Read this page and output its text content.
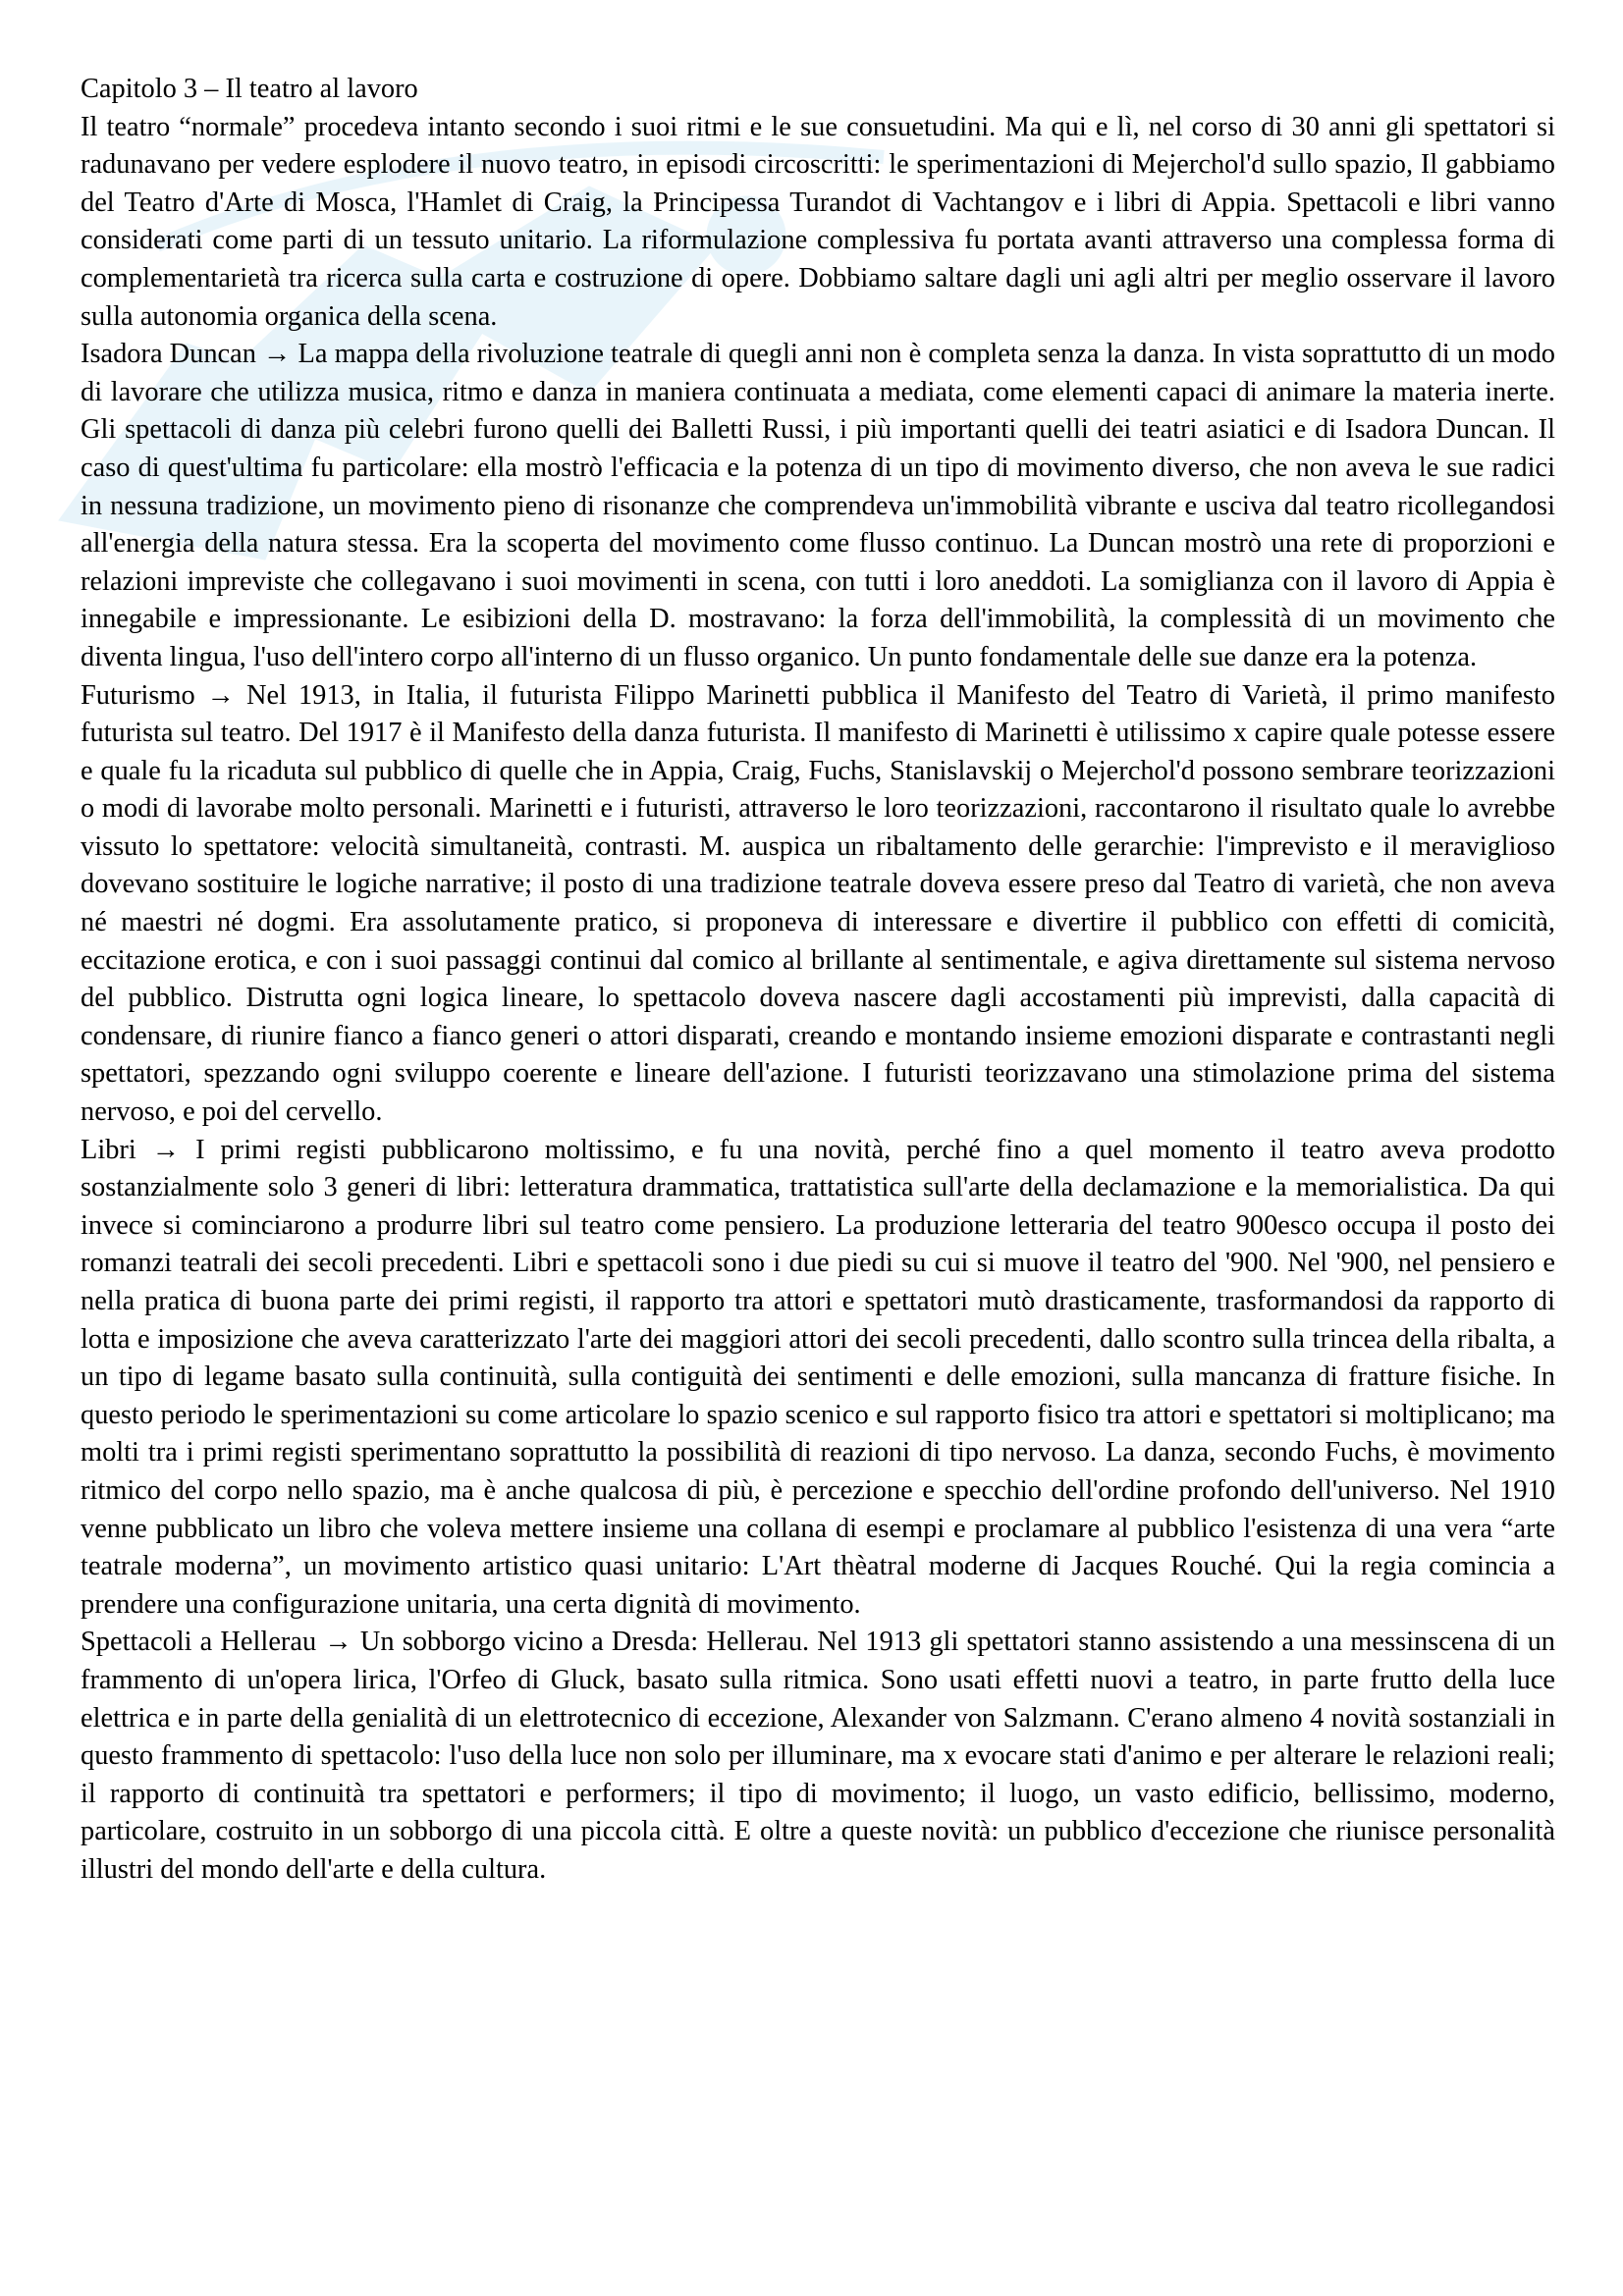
Capitolo 3 – Il teatro al lavoro

Il teatro “normale” procedeva intanto secondo i suoi ritmi e le sue consuetudini. Ma qui e lì, nel corso di 30 anni gli spettatori si radunavano per vedere esplodere il nuovo teatro, in episodi circoscritti: le sperimentazioni di Mejerchol'd sullo spazio, Il gabbiamo del Teatro d'Arte di Mosca, l'Hamlet di Craig, la Principessa Turandot di Vachtangov e i libri di Appia. Spettacoli e libri vanno considerati come parti di un tessuto unitario. La riformulazione complessiva fu portata avanti attraverso una complessa forma di complementarietà tra ricerca sulla carta e costruzione di opere. Dobbiamo saltare dagli uni agli altri per meglio osservare il lavoro sulla autonomia organica della scena.

Isadora Duncan → La mappa della rivoluzione teatrale di quegli anni non è completa senza la danza. In vista soprattutto di un modo di lavorare che utilizza musica, ritmo e danza in maniera continuata a mediata, come elementi capaci di animare la materia inerte. Gli spettacoli di danza più celebri furono quelli dei Balletti Russi, i più importanti quelli dei teatri asiatici e di Isadora Duncan. Il caso di quest'ultima fu particolare: ella mostrò l'efficacia e la potenza di un tipo di movimento diverso, che non aveva le sue radici in nessuna tradizione, un movimento pieno di risonanze che comprendeva un'immobilità vibrante e usciva dal teatro ricollegandosi all'energia della natura stessa. Era la scoperta del movimento come flusso continuo. La Duncan mostrò una rete di proporzioni e relazioni impreviste che collegavano i suoi movimenti in scena, con tutti i loro aneddoti. La somiglianza con il lavoro di Appia è innegabile e impressionante. Le esibizioni della D. mostravano: la forza dell'immobilità, la complessità di un movimento che diventa lingua, l'uso dell'intero corpo all'interno di un flusso organico. Un punto fondamentale delle sue danze era la potenza.

Futurismo → Nel 1913, in Italia, il futurista Filippo Marinetti pubblica il Manifesto del Teatro di Varietà, il primo manifesto futurista sul teatro. Del 1917 è il Manifesto della danza futurista. Il manifesto di Marinetti è utilissimo x capire quale potesse essere e quale fu la ricaduta sul pubblico di quelle che in Appia, Craig, Fuchs, Stanislavskij o Mejerchol'd possono sembrare teorizzazioni o modi di lavorabe molto personali. Marinetti e i futuristi, attraverso le loro teorizzazioni, raccontarono il risultato quale lo avrebbe vissuto lo spettatore: velocità simultaneità, contrasti. M. auspica un ribaltamento delle gerarchie: l'imprevisto e il meraviglioso dovevano sostituire le logiche narrative; il posto di una tradizione teatrale doveva essere preso dal Teatro di varietà, che non aveva né maestri né dogmi. Era assolutamente pratico, si proponeva di interessare e divertire il pubblico con effetti di comicità, eccitazione erotica, e con i suoi passaggi continui dal comico al brillante al sentimentale, e agiva direttamente sul sistema nervoso del pubblico. Distrutta ogni logica lineare, lo spettacolo doveva nascere dagli accostamenti più imprevisti, dalla capacità di condensare, di riunire fianco a fianco generi o attori disparati, creando e montando insieme emozioni disparate e contrastanti negli spettatori, spezzando ogni sviluppo coerente e lineare dell'azione. I futuristi teorizzavano una stimolazione prima del sistema nervoso, e poi del cervello.

Libri → I primi registi pubblicarono moltissimo, e fu una novità, perché fino a quel momento il teatro aveva prodotto sostanzialmente solo 3 generi di libri: letteratura drammatica, trattatistica sull'arte della declamazione e la memorialistica. Da qui invece si cominciarono a produrre libri sul teatro come pensiero. La produzione letteraria del teatro 900esco occupa il posto dei romanzi teatrali dei secoli precedenti. Libri e spettacoli sono i due piedi su cui si muove il teatro del '900. Nel '900, nel pensiero e nella pratica di buona parte dei primi registi, il rapporto tra attori e spettatori mutò drasticamente, trasformandosi da rapporto di lotta e imposizione che aveva caratterizzato l'arte dei maggiori attori dei secoli precedenti, dallo scontro sulla trincea della ribalta, a un tipo di legame basato sulla continuità, sulla contiguità dei sentimenti e delle emozioni, sulla mancanza di fratture fisiche. In questo periodo le sperimentazioni su come articolare lo spazio scenico e sul rapporto fisico tra attori e spettatori si moltiplicano; ma molti tra i primi registi sperimentano soprattutto la possibilità di reazioni di tipo nervoso. La danza, secondo Fuchs, è movimento ritmico del corpo nello spazio, ma è anche qualcosa di più, è percezione e specchio dell'ordine profondo dell'universo. Nel 1910 venne pubblicato un libro che voleva mettere insieme una collana di esempi e proclamare al pubblico l'esistenza di una vera “arte teatrale moderna”, un movimento artistico quasi unitario: L'Art thèatral moderne di Jacques Rouché. Qui la regia comincia a prendere una configurazione unitaria, una certa dignità di movimento.

Spettacoli a Hellerau → Un sobborgo vicino a Dresda: Hellerau. Nel 1913 gli spettatori stanno assistendo a una messinscena di un frammento di un'opera lirica, l'Orfeo di Gluck, basato sulla ritmica. Sono usati effetti nuovi a teatro, in parte frutto della luce elettrica e in parte della genialità di un elettrotecnico di eccezione, Alexander von Salzmann. C'erano almeno 4 novità sostanziali in questo frammento di spettacolo: l'uso della luce non solo per illuminare, ma x evocare stati d'animo e per alterare le relazioni reali; il rapporto di continuità tra spettatori e performers; il tipo di movimento; il luogo, un vasto edificio, bellissimo, moderno, particolare, costruito in un sobborgo di una piccola città. E oltre a queste novità: un pubblico d'eccezione che riunisce personalità illustri del mondo dell'arte e della cultura.
